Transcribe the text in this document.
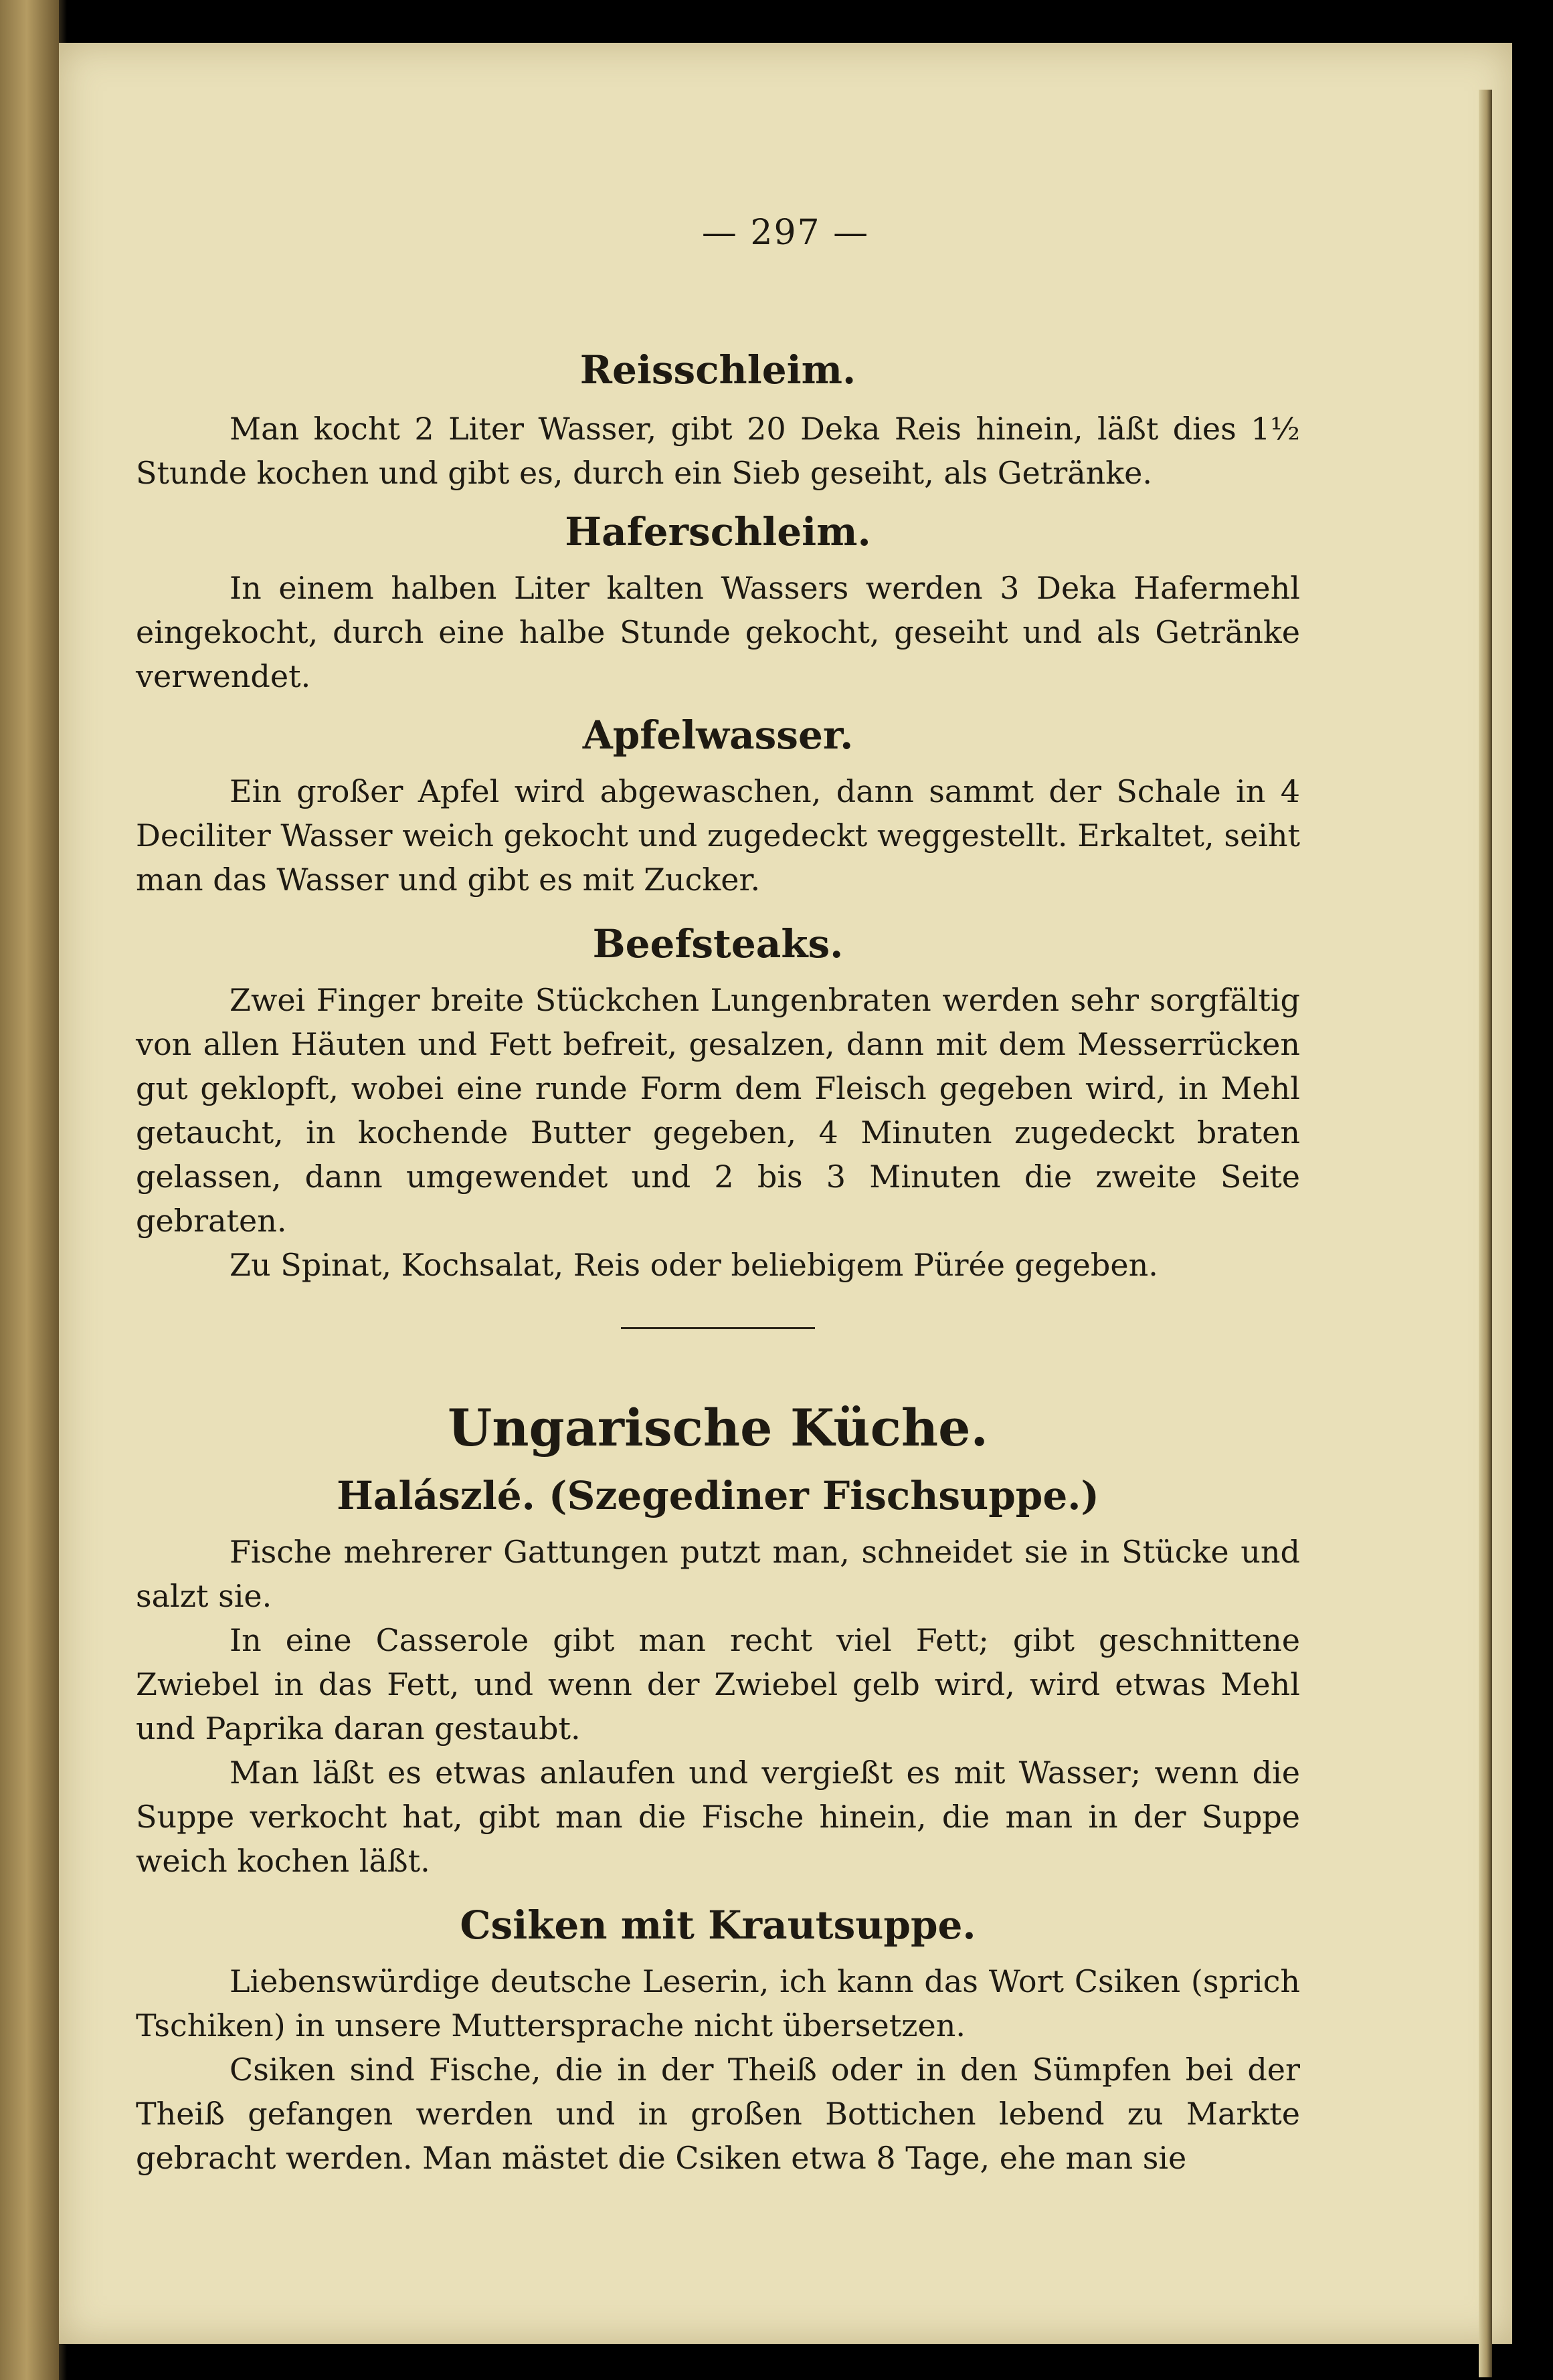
— 297 —
Reisschleim.

Man kocht 2 Liter Wasser, gibt 20 Deka Reis hinein, läßt dies 1½ Stunde kochen und gibt es, durch ein Sieb geseiht, als Getränke.

Haferschleim.

In einem halben Liter kalten Wassers werden 3 Deka Hafermehl eingekocht, durch eine halbe Stunde gekocht, geseiht und als Getränke verwendet.

Apfelwasser.

Ein großer Apfel wird abgewaschen, dann sammt der Schale in 4 Deciliter Wasser weich gekocht und zugedeckt weggestellt. Erkaltet, seiht man das Wasser und gibt es mit Zucker.

Beefsteaks.

Zwei Finger breite Stückchen Lungenbraten werden sehr sorgfältig von allen Häuten und Fett befreit, gesalzen, dann mit dem Messerrücken gut geklopft, wobei eine runde Form dem Fleisch gegeben wird, in Mehl getaucht, in kochende Butter gegeben, 4 Minuten zugedeckt braten gelassen, dann umgewendet und 2 bis 3 Minuten die zweite Seite gebraten.

Zu Spinat, Kochsalat, Reis oder beliebigem Pürée gegeben.

Ungarische Küche.
Halászlé. (Szegediner Fischsuppe.)

Fische mehrerer Gattungen putzt man, schneidet sie in Stücke und salzt sie.

In eine Casserole gibt man recht viel Fett; gibt geschnittene Zwiebel in das Fett, und wenn der Zwiebel gelb wird, wird etwas Mehl und Paprika daran gestaubt.

Man läßt es etwas anlaufen und vergießt es mit Wasser; wenn die Suppe verkocht hat, gibt man die Fische hinein, die man in der Suppe weich kochen läßt.

Csiken mit Krautsuppe.

Liebenswürdige deutsche Leserin, ich kann das Wort Csiken (sprich Tschiken) in unsere Muttersprache nicht übersetzen.

Csiken sind Fische, die in der Theiß oder in den Sümpfen bei der Theiß gefangen werden und in großen Bottichen lebend zu Markte gebracht werden. Man mästet die Csiken etwa 8 Tage, ehe man sie
